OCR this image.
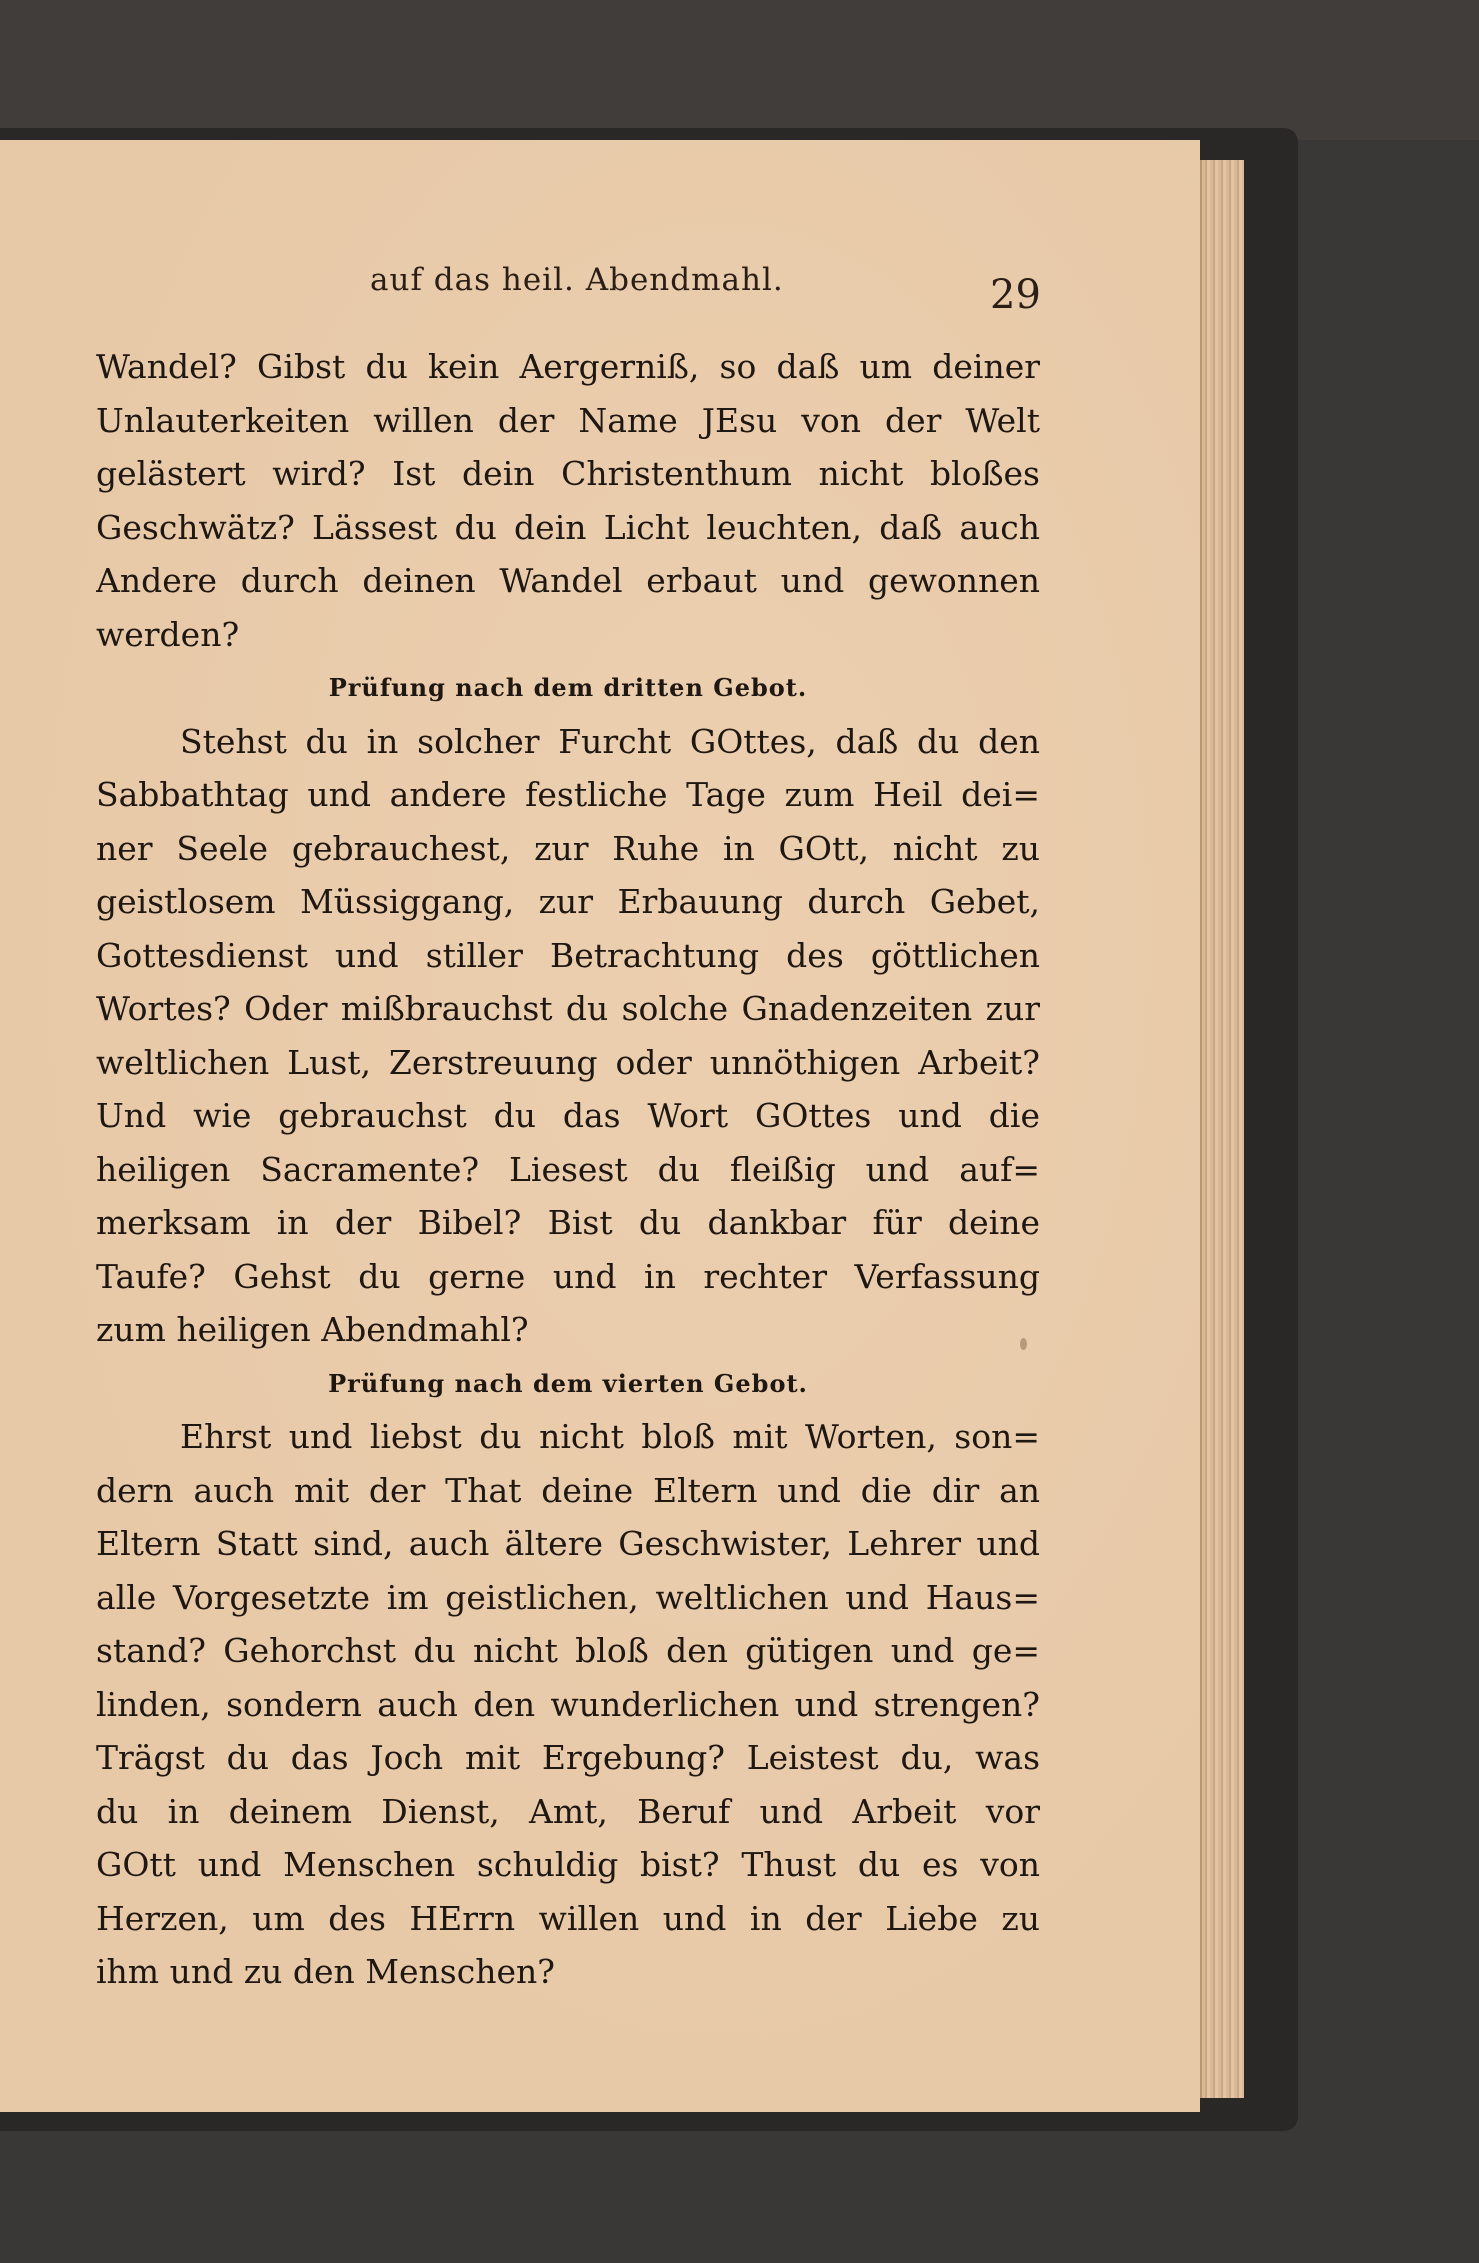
auf das heil. Abendmahl.	29
Wandel? Gibst du kein Aergerniß, so daß um deiner
Unlauterkeiten willen der Name JEsu von der Welt
gelästert wird? Ist dein Christenthum nicht bloßes
Geschwätz? Lässest du dein Licht leuchten, daß auch
Andere durch deinen Wandel erbaut und gewonnen
werden?
Prüfung nach dem dritten Gebot.
Stehst du in solcher Furcht GOttes, daß du den
Sabbathtag und andere festliche Tage zum Heil dei=
ner Seele gebrauchest, zur Ruhe in GOtt, nicht zu
geistlosem Müssiggang, zur Erbauung durch Gebet,
Gottesdienst und stiller Betrachtung des göttlichen
Wortes? Oder mißbrauchst du solche Gnadenzeiten zur
weltlichen Lust, Zerstreuung oder unnöthigen Arbeit?
Und wie gebrauchst du das Wort GOttes und die
heiligen Sacramente? Liesest du fleißig und auf=
merksam in der Bibel? Bist du dankbar für deine
Taufe? Gehst du gerne und in rechter Verfassung
zum heiligen Abendmahl?
Prüfung nach dem vierten Gebot.
Ehrst und liebst du nicht bloß mit Worten, son=
dern auch mit der That deine Eltern und die dir an
Eltern Statt sind, auch ältere Geschwister, Lehrer und
alle Vorgesetzte im geistlichen, weltlichen und Haus=
stand? Gehorchst du nicht bloß den gütigen und ge=
linden, sondern auch den wunderlichen und strengen?
Trägst du das Joch mit Ergebung? Leistest du, was
du in deinem Dienst, Amt, Beruf und Arbeit vor
GOtt und Menschen schuldig bist? Thust du es von
Herzen, um des HErrn willen und in der Liebe zu
ihm und zu den Menschen?
